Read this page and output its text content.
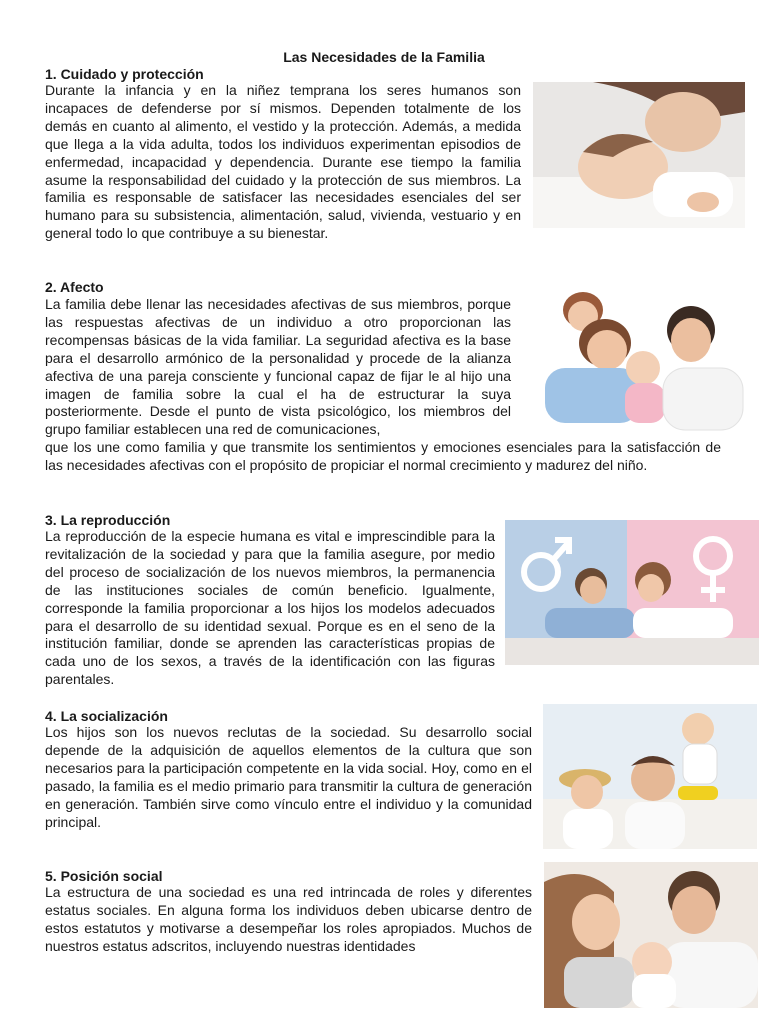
Las Necesidades de la Familia
1. Cuidado y protección

Durante la infancia y en la niñez temprana los seres humanos son incapaces de defenderse por sí mismos. Dependen totalmente de los demás en cuanto al alimento, el vestido y la protección. Además, a medida que llega a la vida adulta, todos los individuos experimentan episodios de enfermedad, incapacidad y dependencia. Durante ese tiempo la familia asume la responsabilidad del cuidado y la protección de sus miembros. La familia es responsable de satisfacer las necesidades esenciales del ser humano para su subsistencia, alimentación, salud, vivienda, vestuario y en general todo lo que contribuye a su bienestar.

2. Afecto

La familia debe llenar las necesidades afectivas de sus miembros, porque las respuestas afectivas de un individuo a otro proporcionan las recompensas básicas de la vida familiar. La seguridad afectiva es la base para el desarrollo armónico de la personalidad y procede de la alianza afectiva de una pareja consciente y funcional capaz de fijar le al hijo una imagen de familia sobre la cual el ha de estructurar la suya posteriormente. Desde el punto de vista psicológico, los miembros del grupo familiar establecen una red de comunicaciones,

que los une como familia y que transmite los sentimientos y emociones esenciales para la satisfacción de las necesidades afectivas con el propósito de propiciar el normal crecimiento y madurez del niño.

3. La reproducción

La reproducción de la especie humana es vital e imprescindible para la revitalización de la sociedad y para que la familia asegure, por medio del proceso de socialización de los nuevos miembros, la permanencia de las instituciones sociales de común beneficio. Igualmente, corresponde la familia proporcionar a los hijos los modelos adecuados para el desarrollo de su identidad sexual. Porque es en el seno de la institución familiar, donde se aprenden las características propias de cada uno de los sexos, a través de la identificación con las figuras parentales.

4. La socialización

Los hijos son los nuevos reclutas de la sociedad. Su desarrollo social depende de la adquisición de aquellos elementos de la cultura que son necesarios para la participación competente en la vida social. Hoy, como en el pasado, la familia es el medio primario para transmitir la cultura de generación en generación. También sirve como vínculo entre el individuo y la comunidad principal.

5. Posición social

La estructura de una sociedad es una red intrincada de roles y diferentes estatus sociales. En alguna forma los individuos deben ubicarse dentro de estos estatutos y motivarse a desempeñar los roles apropiados. Muchos de nuestros estatus adscritos, incluyendo nuestras identidades
